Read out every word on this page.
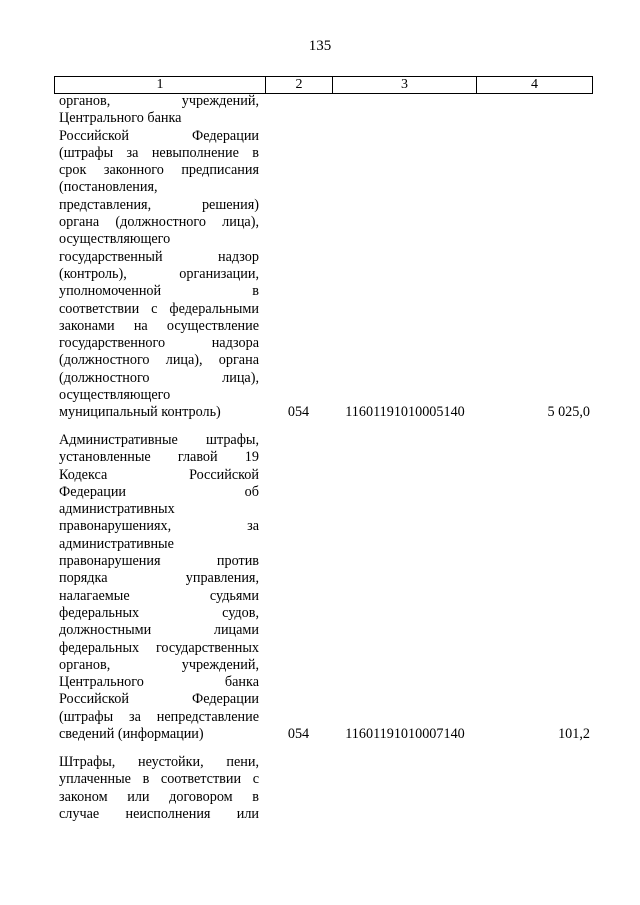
135
1	2	3	4
органов, учреждений,
Центрального банка
Российской Федерации
(штрафы за невыполнение в
срок законного предписания
(постановления,
представления, решения)
органа (должностного лица),
осуществляющего
государственный надзор
(контроль), организации,
уполномоченной в
соответствии с федеральными
законами на осуществление
государственного надзора
(должностного лица), органа
(должностного лица),
осуществляющего
муниципальный контроль)	054	11601191010005140	5 025,0
Административные штрафы,
установленные главой 19
Кодекса Российской
Федерации об
административных
правонарушениях, за
административные
правонарушения против
порядка управления,
налагаемые судьями
федеральных судов,
должностными лицами
федеральных государственных
органов, учреждений,
Центрального банка
Российской Федерации
(штрафы за непредставление
сведений (информации)	054	11601191010007140	101,2
Штрафы, неустойки, пени,
уплаченные в соответствии с
законом или договором в
случае неисполнения или
